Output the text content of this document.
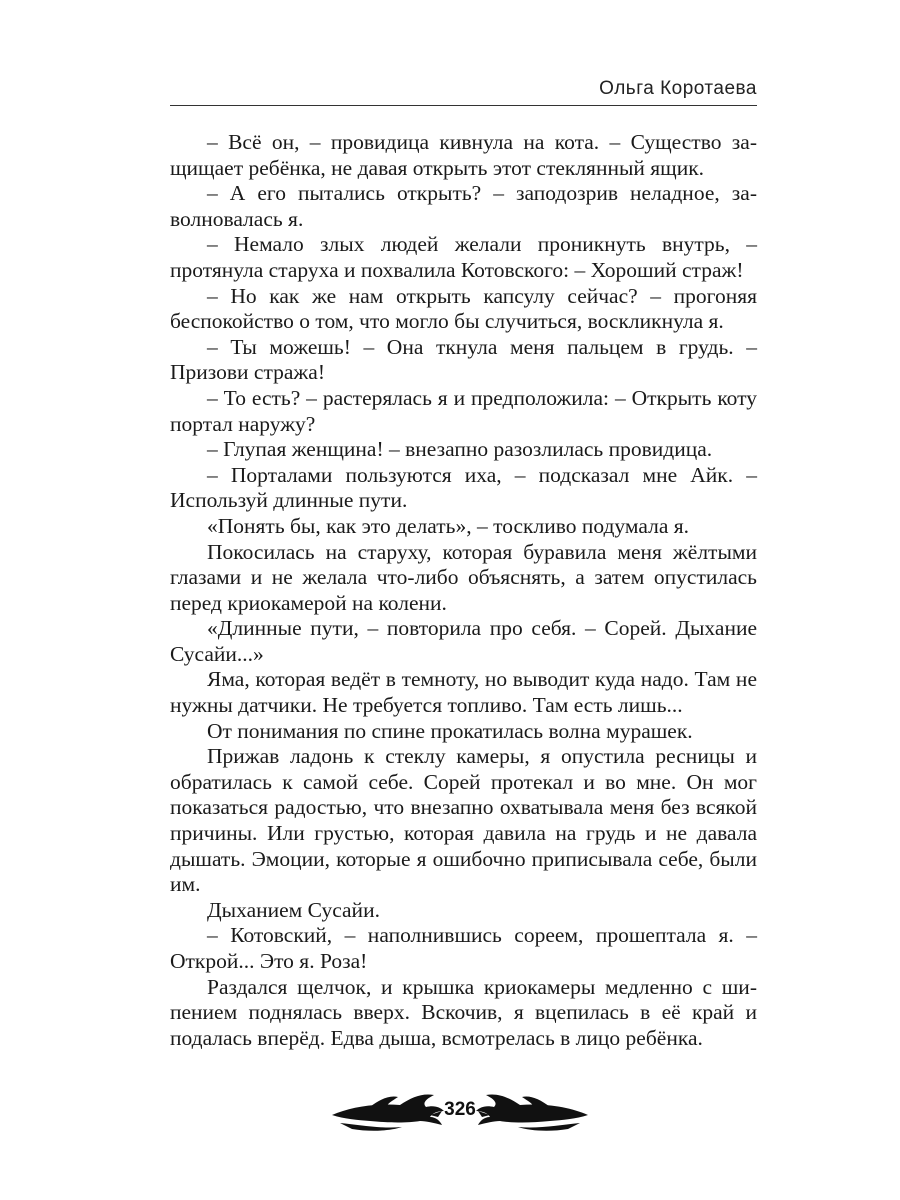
Ольга Коротаева

– Всё он, – провидица кивнула на кота. – Существо защищает ребёнка, не давая открыть этот стеклянный ящик.

– А его пытались открыть? – заподозрив неладное, заволновалась я.

– Немало злых людей желали проникнуть внутрь, – протянула старуха и похвалила Котовского: – Хороший страж!

– Но как же нам открыть капсулу сейчас? – прогоняя беспокойство о том, что могло бы случиться, воскликнула я.

– Ты можешь! – Она ткнула меня пальцем в грудь. – Призови стража!

– То есть? – растерялась я и предположила: – Открыть коту портал наружу?

– Глупая женщина! – внезапно разозлилась провидица.

– Порталами пользуются иха, – подсказал мне Айк. – Используй длинные пути.

«Понять бы, как это делать», – тоскливо подумала я.

Покосилась на старуху, которая буравила меня жёлтыми глазами и не желала что-либо объяснять, а затем опустилась перед криокамерой на колени.

«Длинные пути, – повторила про себя. – Сорей. Дыхание Сусайи...»

Яма, которая ведёт в темноту, но выводит куда надо. Там не нужны датчики. Не требуется топливо. Там есть лишь...

От понимания по спине прокатилась волна мурашек.

Прижав ладонь к стеклу камеры, я опустила ресницы и обратилась к самой себе. Сорей протекал и во мне. Он мог показаться радостью, что внезапно охватывала меня без всякой причины. Или грустью, которая давила на грудь и не давала дышать. Эмоции, которые я ошибочно приписывала себе, были им.

Дыханием Сусайи.

– Котовский, – наполнившись сореем, прошептала я. – Открой... Это я. Роза!

Раздался щелчок, и крышка криокамеры медленно с шипением поднялась вверх. Вскочив, я вцепилась в её край и подалась вперёд. Едва дыша, всмотрелась в лицо ребёнка.

326
